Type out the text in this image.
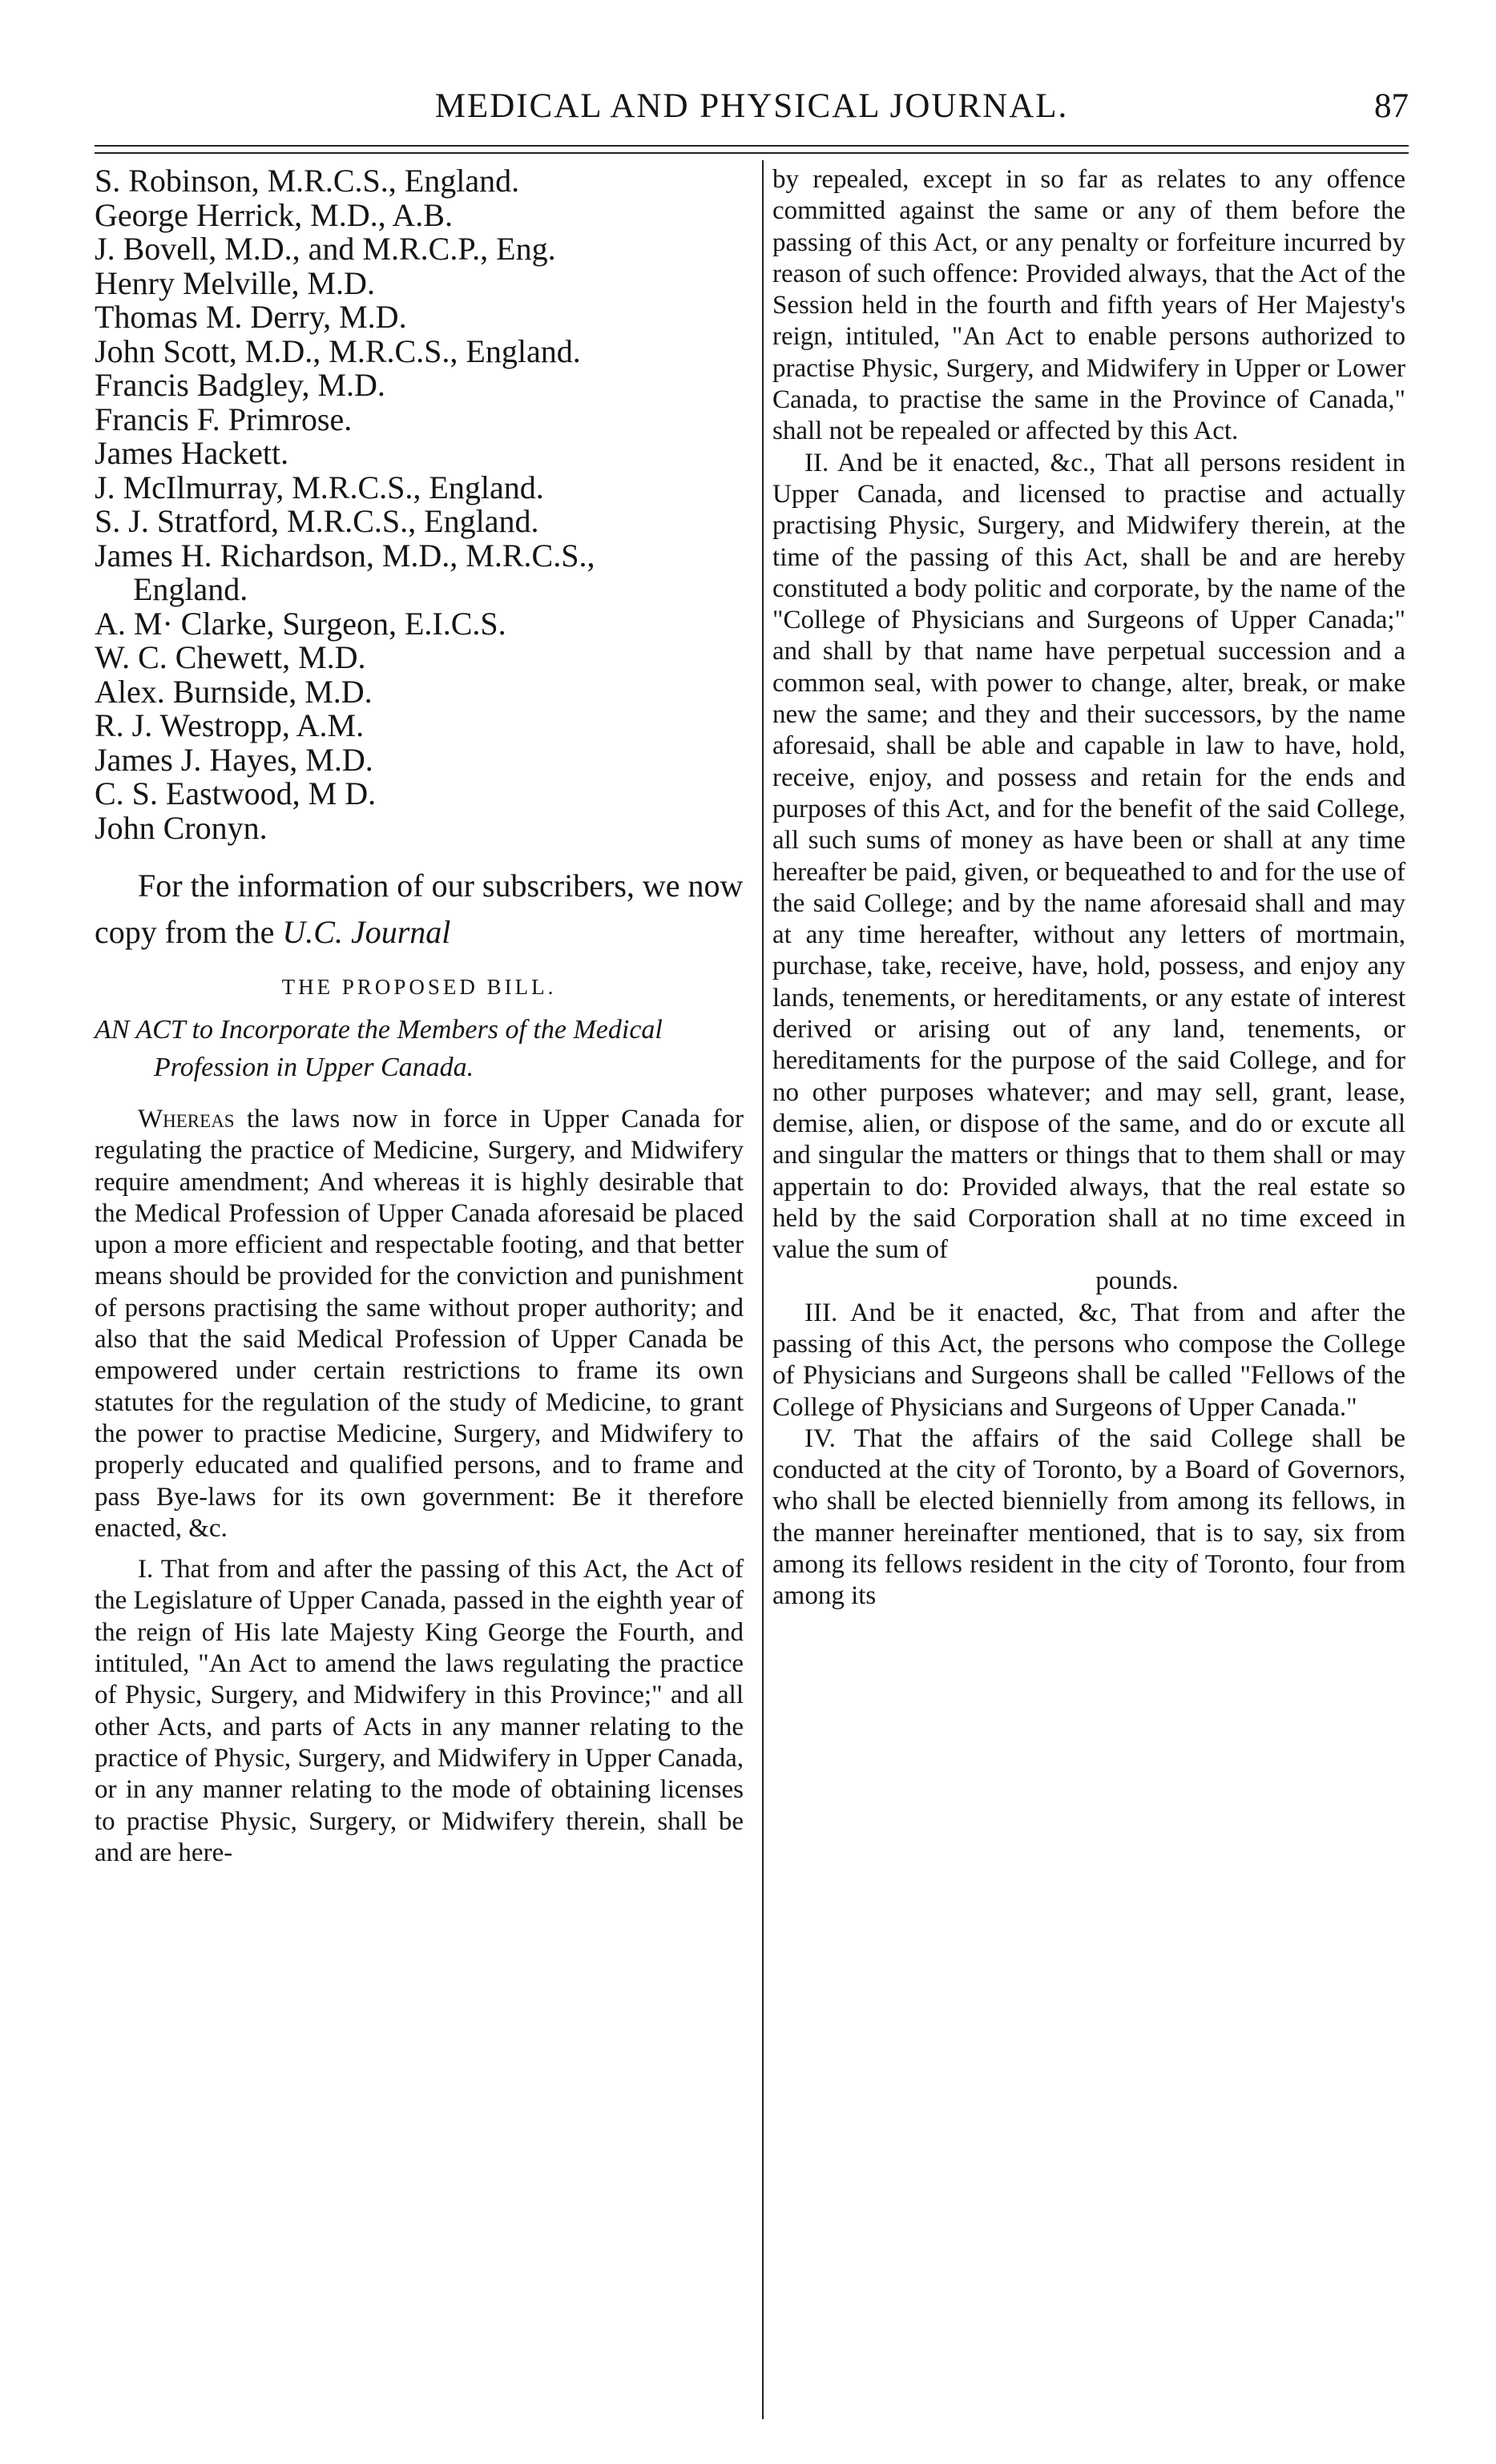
MEDICAL AND PHYSICAL JOURNAL.	87
S. Robinson, M.R.C.S., England.
George Herrick, M.D., A.B.
J. Bovell, M.D., and M.R.C.P., Eng.
Henry Melville, M.D.
Thomas M. Derry, M.D.
John Scott, M.D., M.R.C.S., England.
Francis Badgley, M.D.
Francis F. Primrose.
James Hackett.
J. McIlmurray, M.R.C.S., England.
S. J. Stratford, M.R.C.S., England.
James H. Richardson, M.D., M.R.C.S.,
England.
A. M· Clarke, Surgeon, E.I.C.S.
W. C. Chewett, M.D.
Alex. Burnside, M.D.
R. J. Westropp, A.M.
James J. Hayes, M.D.
C. S. Eastwood, M D.
John Cronyn.

For the information of our subscribers, we now copy from the U.C. Journal

THE PROPOSED BILL.

AN ACT to Incorporate the Members of the Medical Profession in Upper Canada.

Whereas the laws now in force in Upper Canada for regulating the practice of Medicine, Surgery, and Midwifery require amendment; And whereas it is highly desirable that the Medical Profession of Upper Canada aforesaid be placed upon a more efficient and respectable footing, and that better means should be provided for the conviction and punishment of persons practising the same without proper authority; and also that the said Medical Profession of Upper Canada be empowered under certain restrictions to frame its own statutes for the regulation of the study of Medicine, to grant the power to practise Medicine, Surgery, and Midwifery to properly educated and qualified persons, and to frame and pass Bye-laws for its own government: Be it therefore enacted, &c.

I. That from and after the passing of this Act, the Act of the Legislature of Upper Canada, passed in the eighth year of the reign of His late Majesty King George the Fourth, and intituled, "An Act to amend the laws regulating the practice of Physic, Surgery, and Midwifery in this Province;" and all other Acts, and parts of Acts in any manner relating to the practice of Physic, Surgery, and Midwifery in Upper Canada, or in any manner relating to the mode of obtaining licenses to practise Physic, Surgery, or Midwifery therein, shall be and are here-

by repealed, except in so far as relates to any offence committed against the same or any of them before the passing of this Act, or any penalty or forfeiture incurred by reason of such offence: Provided always, that the Act of the Session held in the fourth and fifth years of Her Majesty's reign, intituled, "An Act to enable persons authorized to practise Physic, Surgery, and Midwifery in Upper or Lower Canada, to practise the same in the Province of Canada," shall not be repealed or affected by this Act.

II. And be it enacted, &c., That all persons resident in Upper Canada, and licensed to practise and actually practising Physic, Surgery, and Midwifery therein, at the time of the passing of this Act, shall be and are hereby constituted a body politic and corporate, by the name of the "College of Physicians and Surgeons of Upper Canada;" and shall by that name have perpetual succession and a common seal, with power to change, alter, break, or make new the same; and they and their successors, by the name aforesaid, shall be able and capable in law to have, hold, receive, enjoy, and possess and retain for the ends and purposes of this Act, and for the benefit of the said College, all such sums of money as have been or shall at any time hereafter be paid, given, or bequeathed to and for the use of the said College; and by the name aforesaid shall and may at any time hereafter, without any letters of mortmain, purchase, take, receive, have, hold, possess, and enjoy any lands, tenements, or hereditaments, or any estate of interest derived or arising out of any land, tenements, or hereditaments for the purpose of the said College, and for no other purposes whatever; and may sell, grant, lease, demise, alien, or dispose of the same, and do or excute all and singular the matters or things that to them shall or may appertain to do: Provided always, that the real estate so held by the said Corporation shall at no time exceed in value the sum of

pounds.

III. And be it enacted, &c, That from and after the passing of this Act, the persons who compose the College of Physicians and Surgeons shall be called "Fellows of the College of Physicians and Surgeons of Upper Canada."

IV. That the affairs of the said College shall be conducted at the city of Toronto, by a Board of Governors, who shall be elected biennielly from among its fellows, in the manner hereinafter mentioned, that is to say, six from among its fellows resident in the city of Toronto, four from among its
